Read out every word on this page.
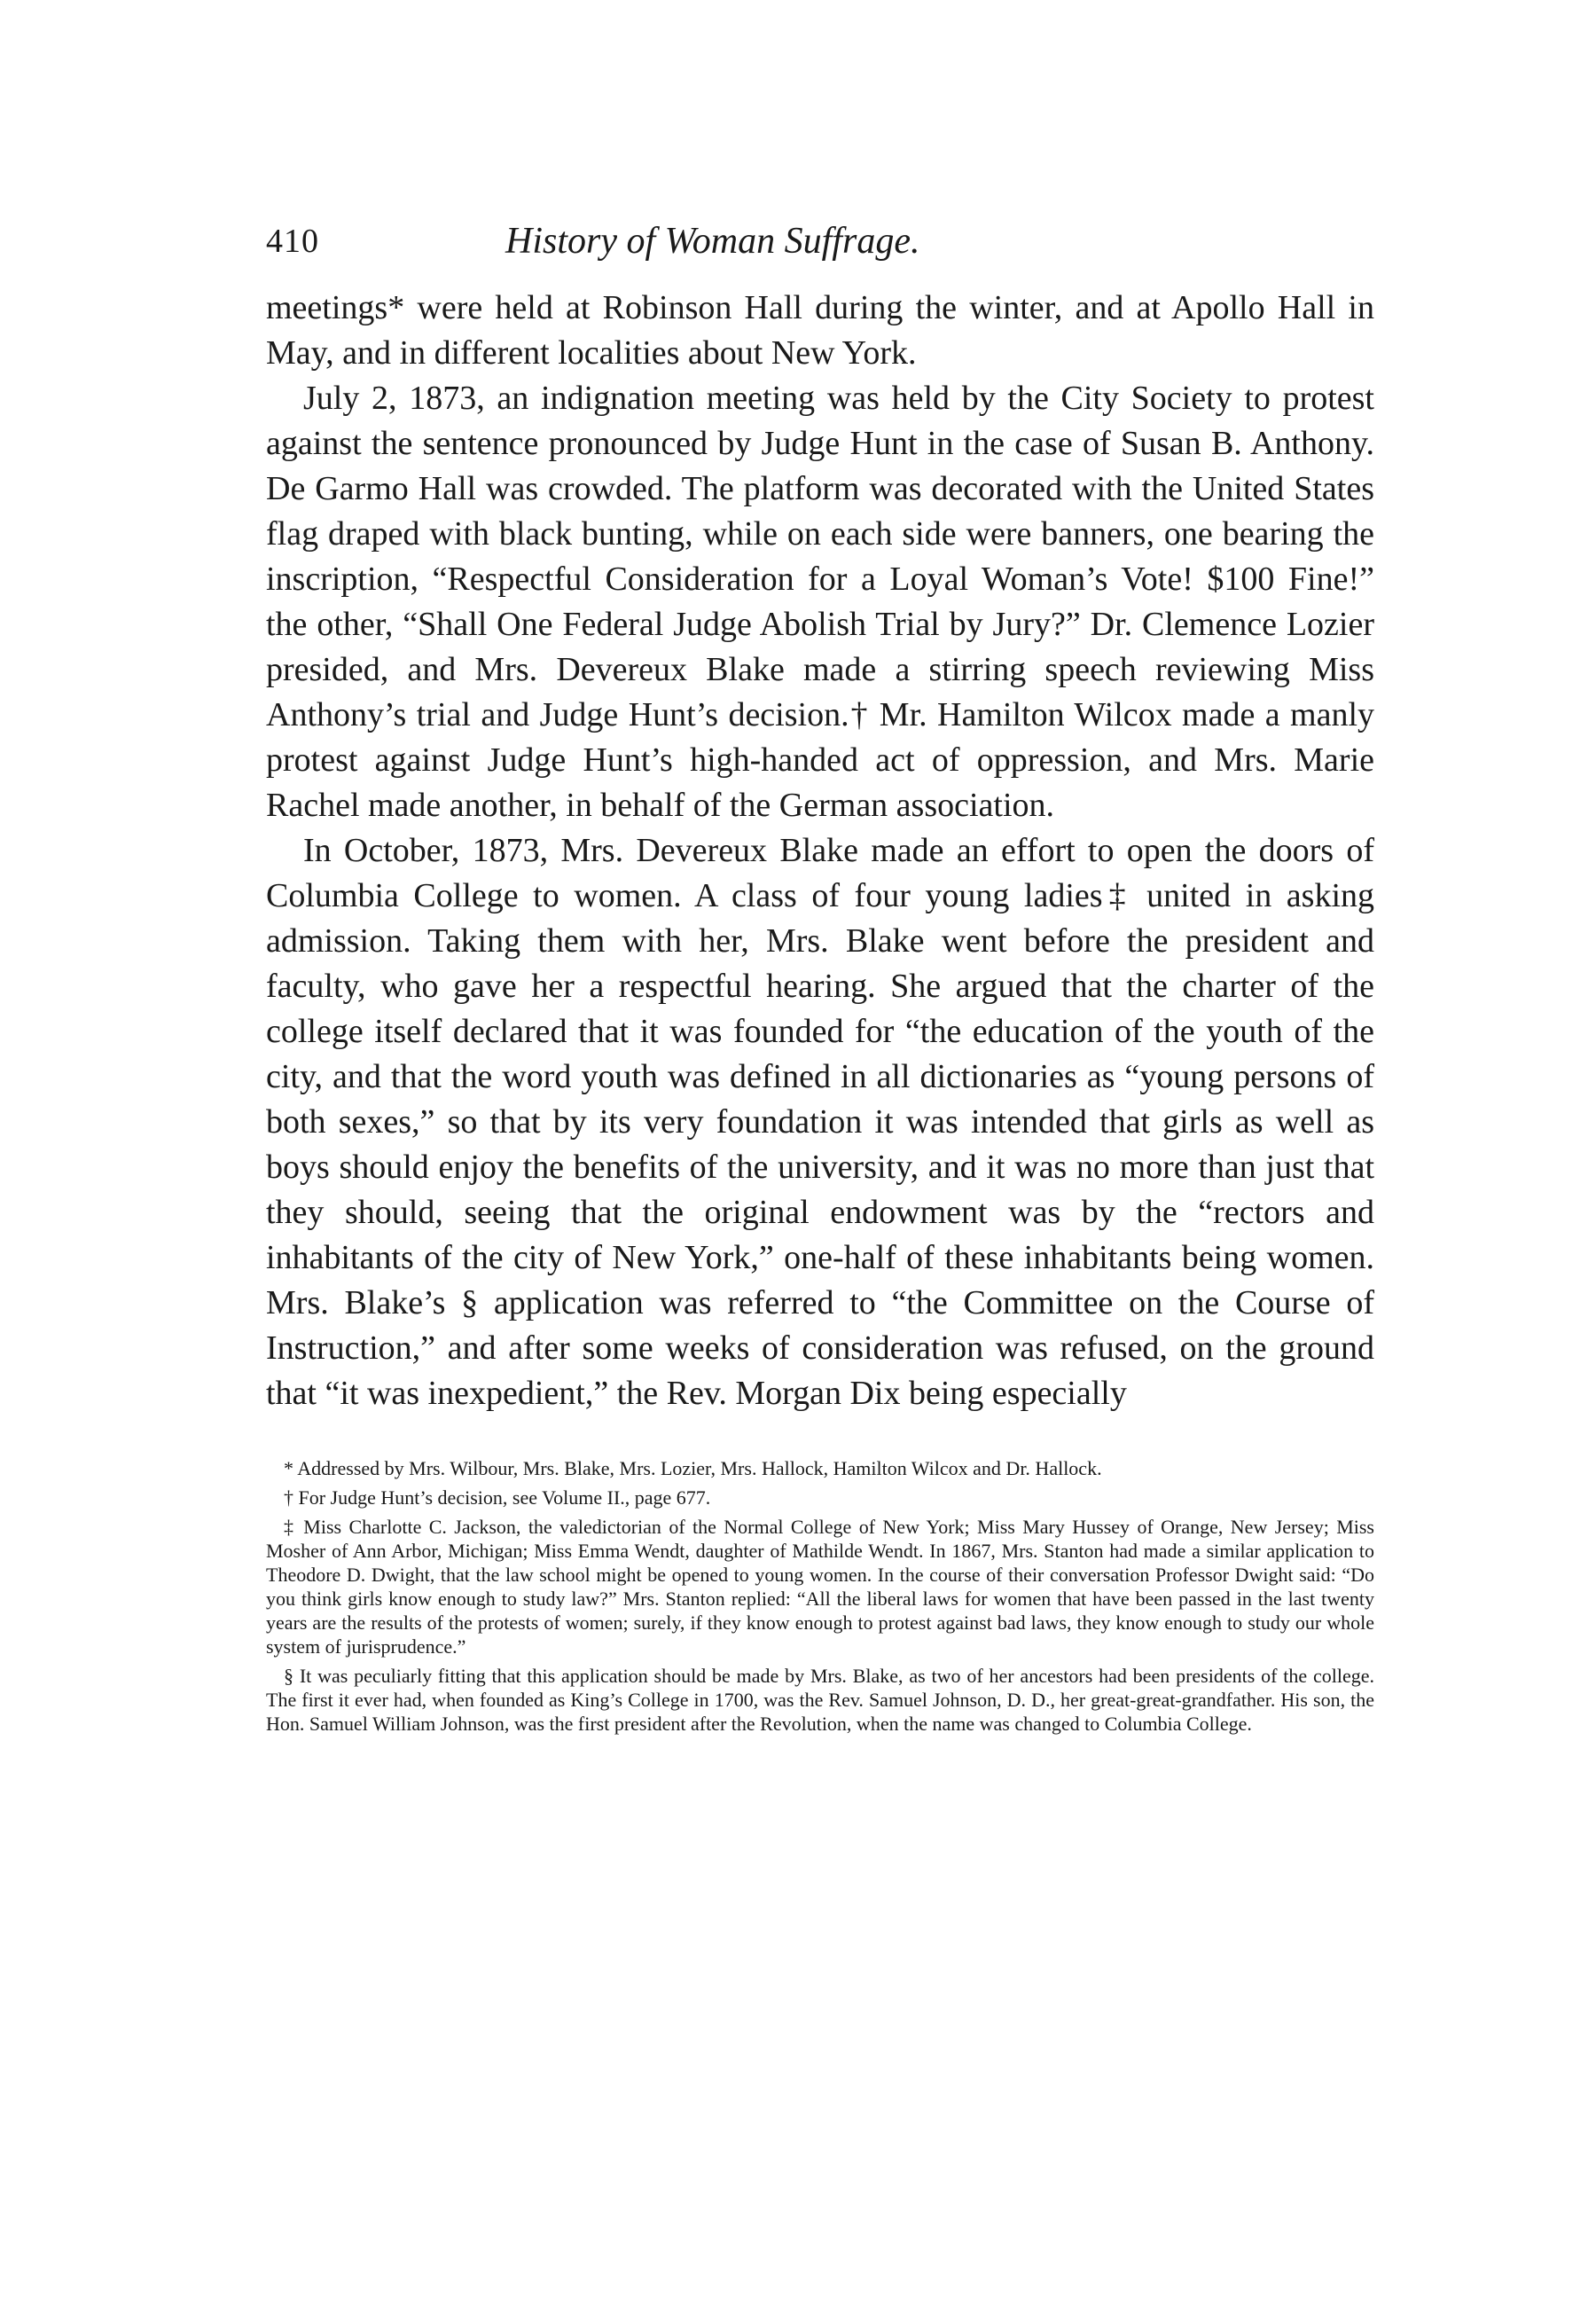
410	History of Woman Suffrage.

meetings* were held at Robinson Hall during the winter, and at Apollo Hall in May, and in different localities about New York.

July 2, 1873, an indignation meeting was held by the City Society to protest against the sentence pronounced by Judge Hunt in the case of Susan B. Anthony. De Garmo Hall was crowded. The platform was decorated with the United States flag draped with black bunting, while on each side were banners, one bearing the inscription, “Respectful Consideration for a Loyal Woman’s Vote! $100 Fine!” the other, “Shall One Federal Judge Abolish Trial by Jury?” Dr. Clemence Lozier presided, and Mrs. Devereux Blake made a stirring speech reviewing Miss Anthony’s trial and Judge Hunt’s decision.† Mr. Hamilton Wilcox made a manly protest against Judge Hunt’s high-handed act of oppression, and Mrs. Marie Rachel made another, in behalf of the German association.

In October, 1873, Mrs. Devereux Blake made an effort to open the doors of Columbia College to women. A class of four young ladies‡ united in asking admission. Taking them with her, Mrs. Blake went before the president and faculty, who gave her a respectful hearing. She argued that the charter of the college itself declared that it was founded for “the education of the youth of the city, and that the word youth was defined in all dictionaries as “young persons of both sexes,” so that by its very foundation it was intended that girls as well as boys should enjoy the benefits of the university, and it was no more than just that they should, seeing that the original endowment was by the “rectors and inhabitants of the city of New York,” one-half of these inhabitants being women. Mrs. Blake’s § application was referred to “the Committee on the Course of Instruction,” and after some weeks of consideration was refused, on the ground that “it was inexpedient,” the Rev. Morgan Dix being especially

* Addressed by Mrs. Wilbour, Mrs. Blake, Mrs. Lozier, Mrs. Hallock, Hamilton Wilcox and Dr. Hallock.

† For Judge Hunt’s decision, see Volume II., page 677.

‡ Miss Charlotte C. Jackson, the valedictorian of the Normal College of New York; Miss Mary Hussey of Orange, New Jersey; Miss Mosher of Ann Arbor, Michigan; Miss Emma Wendt, daughter of Mathilde Wendt. In 1867, Mrs. Stanton had made a similar application to Theodore D. Dwight, that the law school might be opened to young women. In the course of their conversation Professor Dwight said: “Do you think girls know enough to study law?” Mrs. Stanton replied: “All the liberal laws for women that have been passed in the last twenty years are the results of the protests of women; surely, if they know enough to protest against bad laws, they know enough to study our whole system of jurisprudence.”

§ It was peculiarly fitting that this application should be made by Mrs. Blake, as two of her ancestors had been presidents of the college. The first it ever had, when founded as King’s College in 1700, was the Rev. Samuel Johnson, D. D., her great-great-grandfather. His son, the Hon. Samuel William Johnson, was the first president after the Revolution, when the name was changed to Columbia College.
